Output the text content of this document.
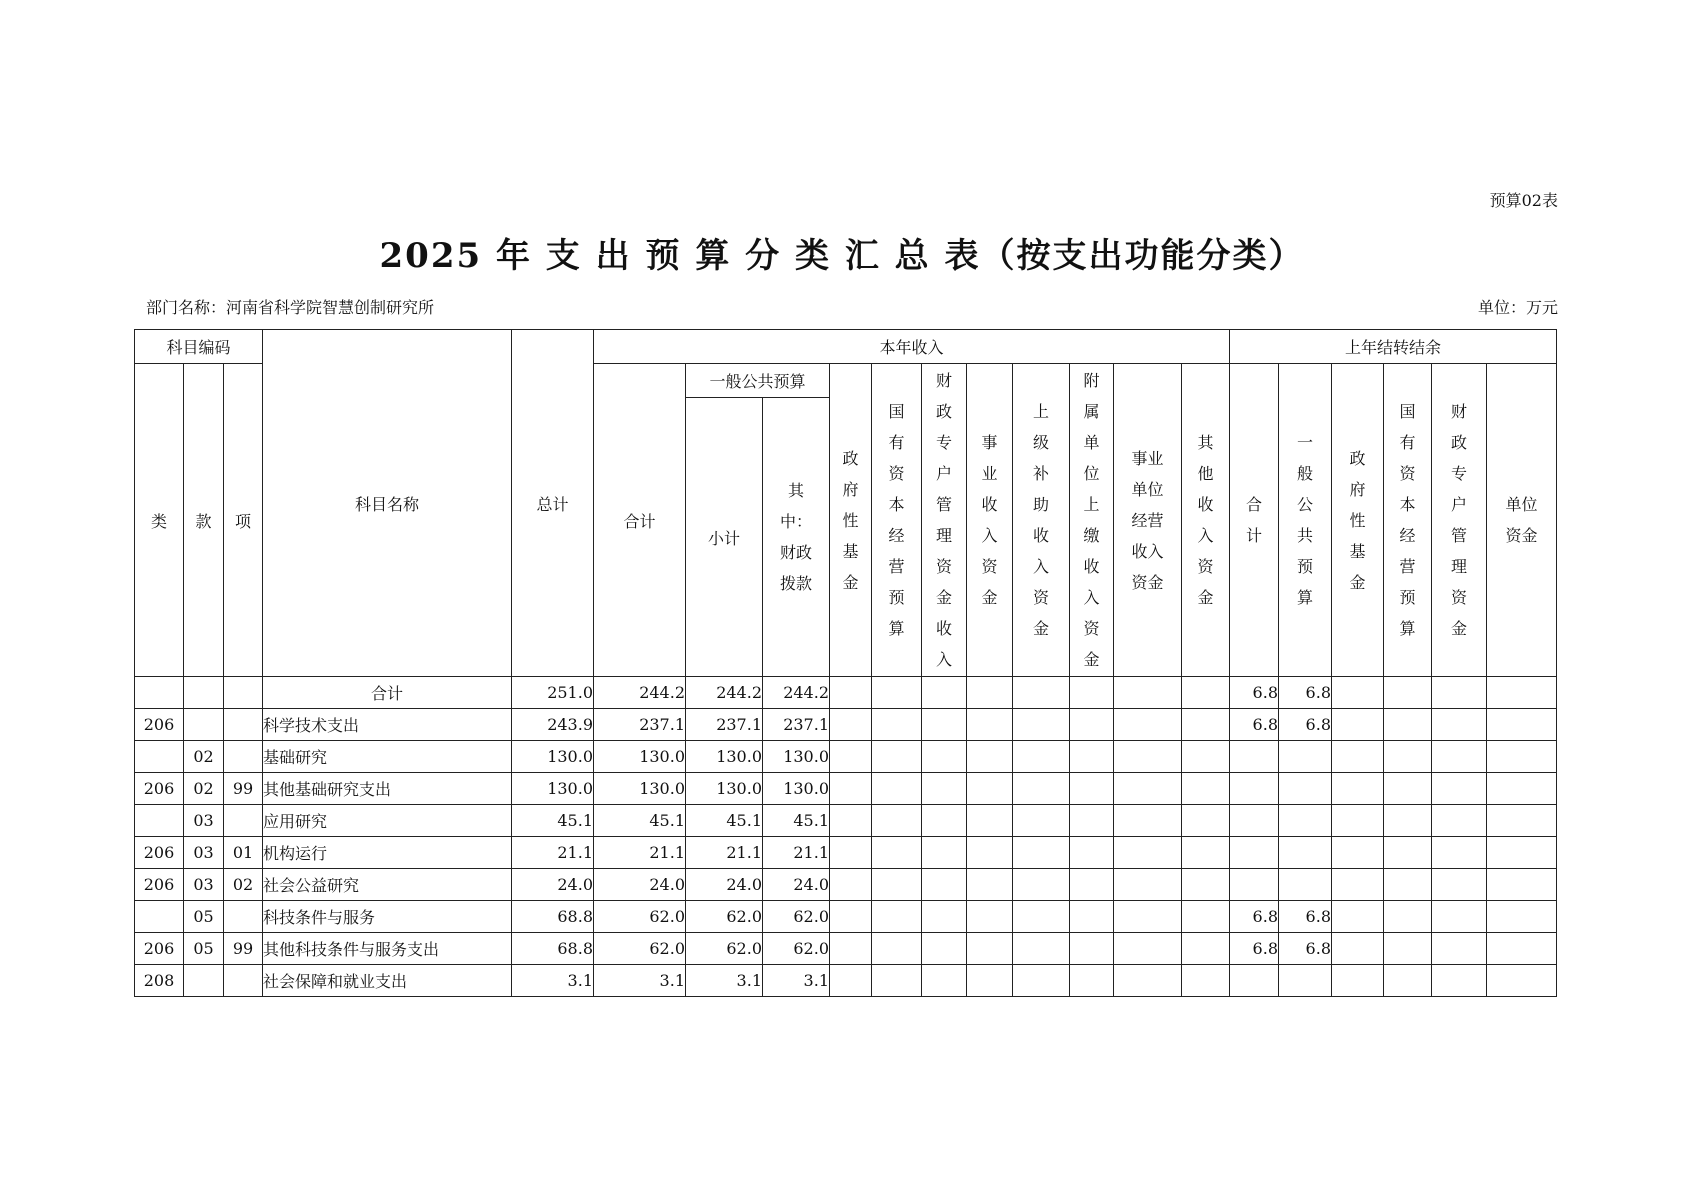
预算02表
2025 年 支 出 预 算 分 类 汇 总 表（按支出功能分类）
部门名称：河南省科学院智慧创制研究所	单位：万元
科目编码			科目名称	总计	本年收入											上年结转结余					
类	款	项			合计	一般公共预算		政府性基金	国有资本经营预算	财政专户管理资金收入	事业收入资金	上级补助收入资金	附属单位上缴收入资金	事业单位经营收入资金	其他收入资金	合计	一般公共预算	政府性基金	国有资本经营预算	财政专户管理资金	单位资金
						小计	其中：财政拨款														
			合计	251.0	244.2	244.2	244.2									6.8	6.8				
206			科学技术支出	243.9	237.1	237.1	237.1									6.8	6.8				
	02		基础研究	130.0	130.0	130.0	130.0														
206	02	99	其他基础研究支出	130.0	130.0	130.0	130.0														
	03		应用研究	45.1	45.1	45.1	45.1														
206	03	01	机构运行	21.1	21.1	21.1	21.1														
206	03	02	社会公益研究	24.0	24.0	24.0	24.0														
	05		科技条件与服务	68.8	62.0	62.0	62.0									6.8	6.8				
206	05	99	其他科技条件与服务支出	68.8	62.0	62.0	62.0									6.8	6.8				
208			社会保障和就业支出	3.1	3.1	3.1	3.1														
